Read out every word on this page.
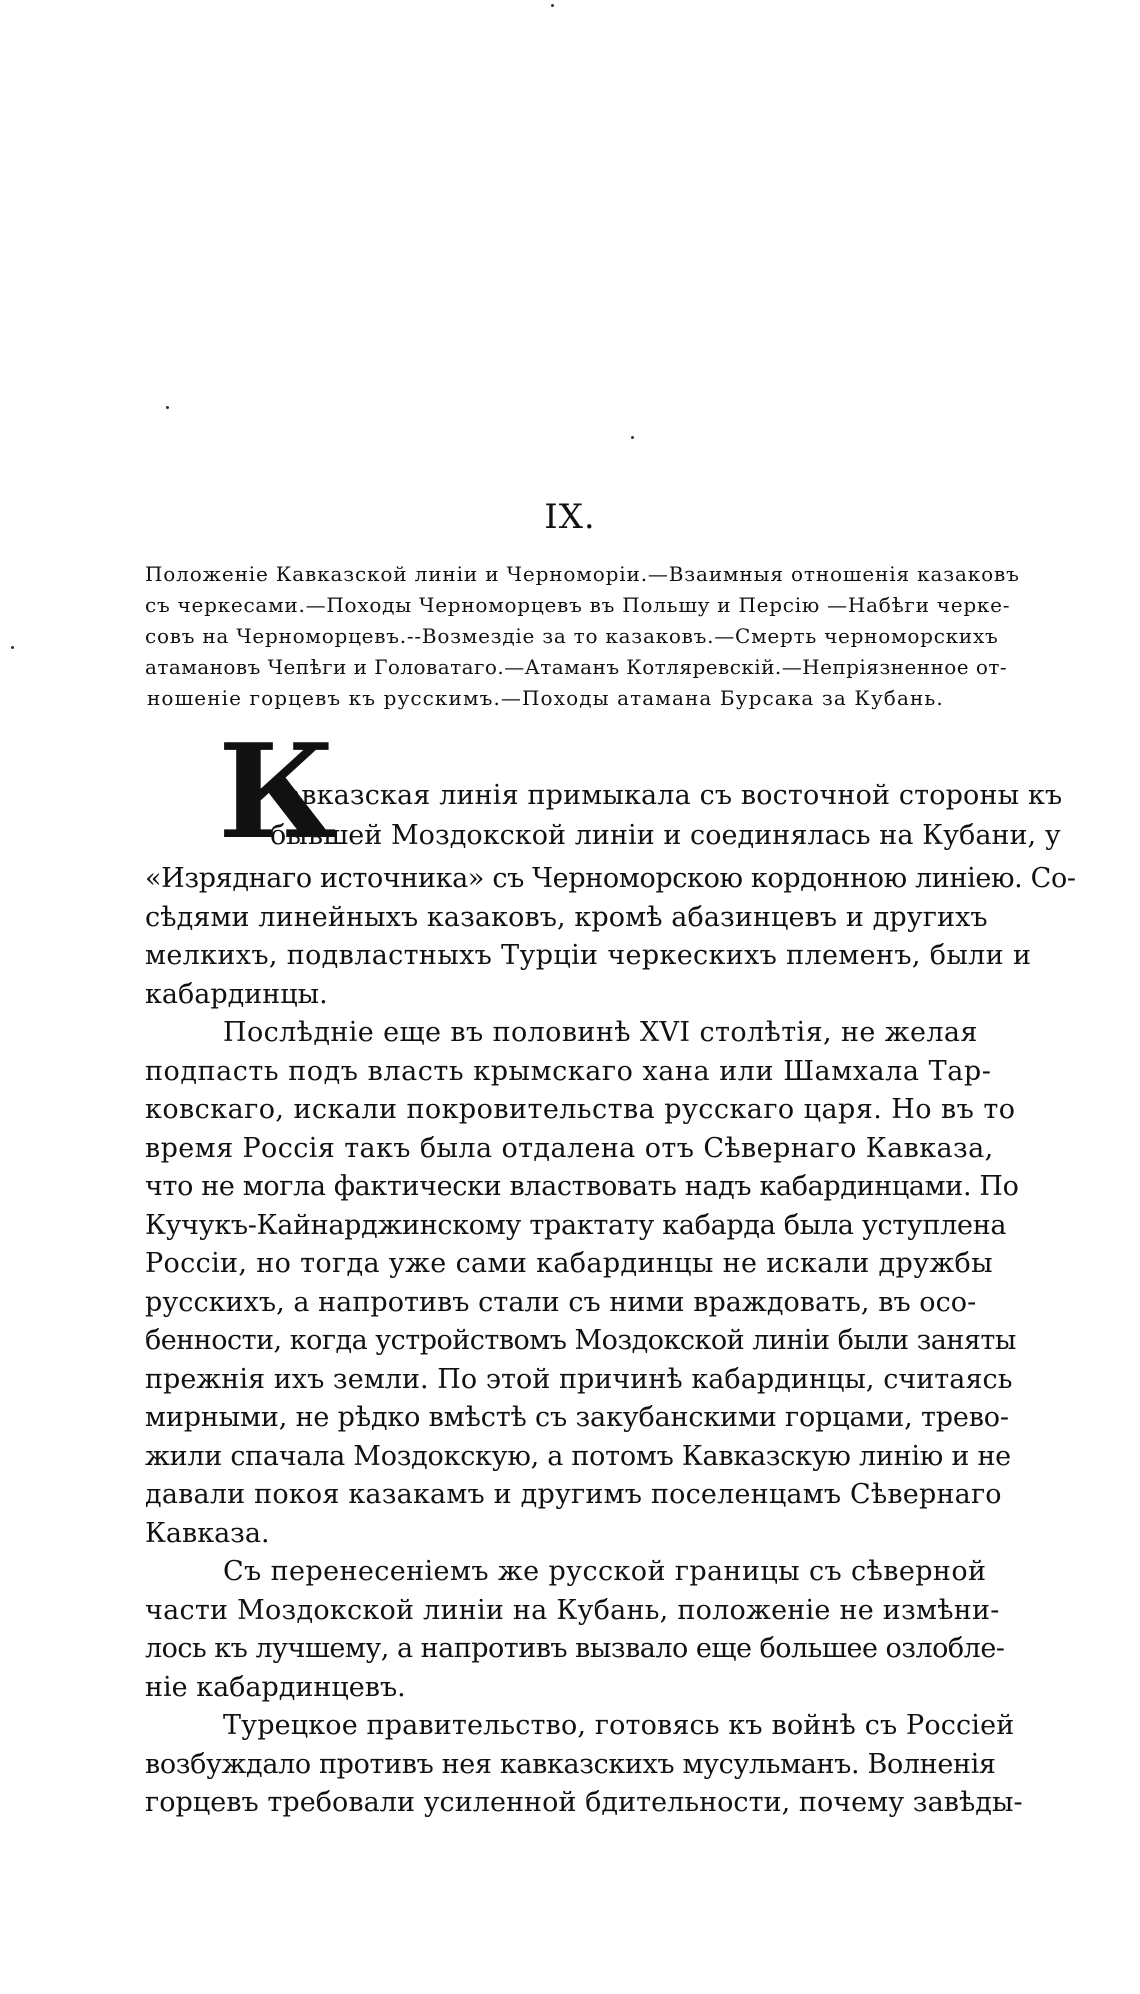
IX.
Положеніе Кавказской линіи и Черноморіи.—Взаимныя отношенія казаковъ
съ черкесами.—Походы Черноморцевъ въ Польшу и Персію —Набѣги черке-
совъ на Черноморцевъ.--Возмездіе за то казаковъ.—Смерть черноморскихъ
атамановъ Чепѣги и Головатаго.—Атаманъ Котляревскій.—Непріязненное от-
ношеніе горцевъ къ русскимъ.—Походы атамана Бурсака за Кубань.
К
авказская линія примыкала съ восточной стороны къ
бывшей Моздокской линіи и соединялась на Кубани, у
«Изряднаго источника» съ Черноморскою кордонною линіею. Со-
сѣдями линейныхъ казаковъ, кромѣ абазинцевъ и другихъ
мелкихъ, подвластныхъ Турціи черкескихъ племенъ, были и
кабардинцы.
Послѣдніе еще въ половинѣ XVI столѣтія, не желая
подпасть подъ власть крымскаго хана или Шамхала Тар-
ковскаго, искали покровительства русскаго царя. Но въ то
время Россія такъ была отдалена отъ Сѣвернаго Кавказа,
что не могла фактически властвовать надъ кабардинцами. По
Кучукъ-Кайнарджинскому трактату кабарда была уступлена
Россіи, но тогда уже сами кабардинцы не искали дружбы
русскихъ, а напротивъ стали съ ними враждовать, въ осо-
бенности, когда устройствомъ Моздокской линіи были заняты
прежнія ихъ земли. По этой причинѣ кабардинцы, считаясь
мирными, не рѣдко вмѣстѣ съ закубанскими горцами, трево-
жили спачала Моздокскую, а потомъ Кавказскую линію и не
давали покоя казакамъ и другимъ поселенцамъ Сѣвернаго
Кавказа.
Съ перенесеніемъ же русской границы съ сѣверной
части Моздокской линіи на Кубань, положеніе не измѣни-
лось къ лучшему, а напротивъ вызвало еще большее озлобле-
ніе кабардинцевъ.
Турецкое правительство, готовясь къ войнѣ съ Россіей
возбуждало противъ нея кавказскихъ мусульманъ. Волненія
горцевъ требовали усиленной бдительности, почему завѣды-
